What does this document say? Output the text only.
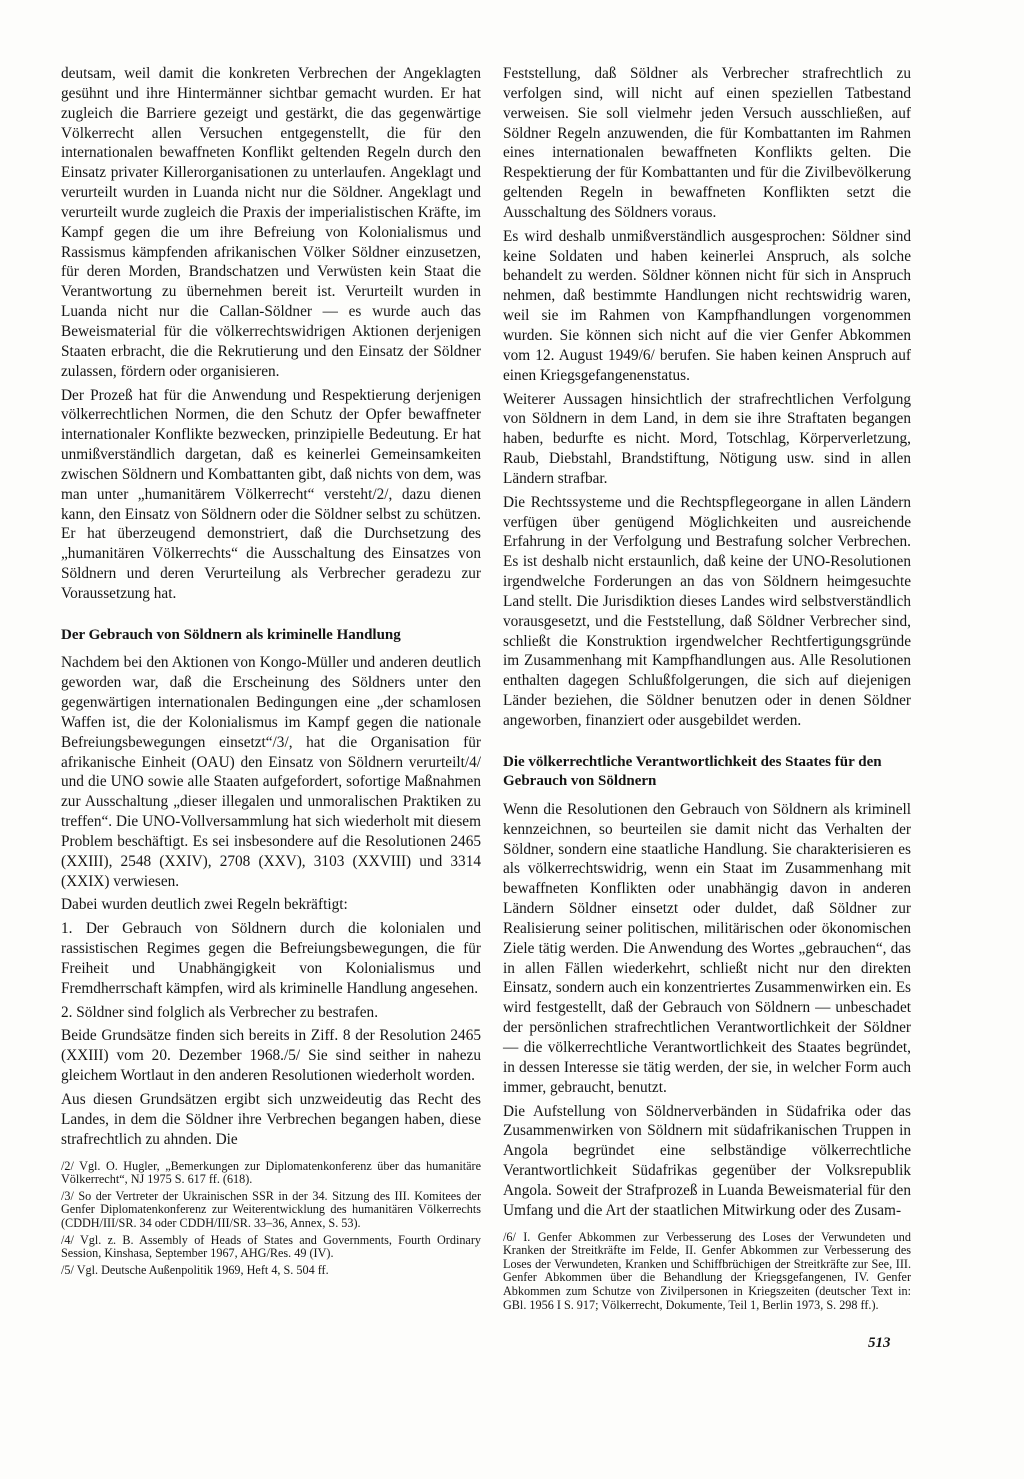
deutsam, weil damit die konkreten Verbrechen der Angeklagten gesühnt und ihre Hintermänner sichtbar gemacht wurden. Er hat zugleich die Barriere gezeigt und gestärkt, die das gegenwärtige Völkerrecht allen Versuchen entgegenstellt, die für den internationalen bewaffneten Konflikt geltenden Regeln durch den Einsatz privater Killerorganisationen zu unterlaufen. Angeklagt und verurteilt wurden in Luanda nicht nur die Söldner. Angeklagt und verurteilt wurde zugleich die Praxis der imperialistischen Kräfte, im Kampf gegen die um ihre Befreiung von Kolonialismus und Rassismus kämpfenden afrikanischen Völker Söldner einzusetzen, für deren Morden, Brandschatzen und Verwüsten kein Staat die Verantwortung zu übernehmen bereit ist. Verurteilt wurden in Luanda nicht nur die Callan-Söldner — es wurde auch das Beweismaterial für die völkerrechtswidrigen Aktionen derjenigen Staaten erbracht, die die Rekrutierung und den Einsatz der Söldner zulassen, fördern oder organisieren.

Der Prozeß hat für die Anwendung und Respektierung derjenigen völkerrechtlichen Normen, die den Schutz der Opfer bewaffneter internationaler Konflikte bezwecken, prinzipielle Bedeutung. Er hat unmißverständlich dargetan, daß es keinerlei Gemeinsamkeiten zwischen Söldnern und Kombattanten gibt, daß nichts von dem, was man unter „humanitärem Völkerrecht“ versteht/2/, dazu dienen kann, den Einsatz von Söldnern oder die Söldner selbst zu schützen. Er hat überzeugend demonstriert, daß die Durchsetzung des „humanitären Völkerrechts“ die Ausschaltung des Einsatzes von Söldnern und deren Verurteilung als Verbrecher geradezu zur Voraussetzung hat.

Der Gebrauch von Söldnern als kriminelle Handlung

Nachdem bei den Aktionen von Kongo-Müller und anderen deutlich geworden war, daß die Erscheinung des Söldners unter den gegenwärtigen internationalen Bedingungen eine „der schamlosen Waffen ist, die der Kolonialismus im Kampf gegen die nationale Befreiungsbewegungen einsetzt“/3/, hat die Organisation für afrikanische Einheit (OAU) den Einsatz von Söldnern verurteilt/4/ und die UNO sowie alle Staaten aufgefordert, sofortige Maßnahmen zur Ausschaltung „dieser illegalen und unmoralischen Praktiken zu treffen“. Die UNO-Vollversammlung hat sich wiederholt mit diesem Problem beschäftigt. Es sei insbesondere auf die Resolutionen 2465 (XXIII), 2548 (XXIV), 2708 (XXV), 3103 (XXVIII) und 3314 (XXIX) verwiesen.

Dabei wurden deutlich zwei Regeln bekräftigt:

1. Der Gebrauch von Söldnern durch die kolonialen und rassistischen Regimes gegen die Befreiungsbewegungen, die für Freiheit und Unabhängigkeit von Kolonialismus und Fremdherrschaft kämpfen, wird als kriminelle Handlung angesehen.

2. Söldner sind folglich als Verbrecher zu bestrafen.

Beide Grundsätze finden sich bereits in Ziff. 8 der Resolution 2465 (XXIII) vom 20. Dezember 1968./5/ Sie sind seither in nahezu gleichem Wortlaut in den anderen Resolutionen wiederholt worden.

Aus diesen Grundsätzen ergibt sich unzweideutig das Recht des Landes, in dem die Söldner ihre Verbrechen begangen haben, diese strafrechtlich zu ahnden. Die

/2/ Vgl. O. Hugler, „Bemerkungen zur Diplomatenkonferenz über das humanitäre Völkerrecht“, NJ 1975 S. 617 ff. (618).

/3/ So der Vertreter der Ukrainischen SSR in der 34. Sitzung des III. Komitees der Genfer Diplomatenkonferenz zur Weiterentwicklung des humanitären Völkerrechts (CDDH/III/SR. 34 oder CDDH/III/SR. 33–36, Annex, S. 53).

/4/ Vgl. z. B. Assembly of Heads of States and Governments, Fourth Ordinary Session, Kinshasa, September 1967, AHG/Res. 49 (IV).

/5/ Vgl. Deutsche Außenpolitik 1969, Heft 4, S. 504 ff.

Feststellung, daß Söldner als Verbrecher strafrechtlich zu verfolgen sind, will nicht auf einen speziellen Tatbestand verweisen. Sie soll vielmehr jeden Versuch ausschließen, auf Söldner Regeln anzuwenden, die für Kombattanten im Rahmen eines internationalen bewaffneten Konflikts gelten. Die Respektierung der für Kombattanten und für die Zivilbevölkerung geltenden Regeln in bewaffneten Konflikten setzt die Ausschaltung des Söldners voraus.

Es wird deshalb unmißverständlich ausgesprochen: Söldner sind keine Soldaten und haben keinerlei Anspruch, als solche behandelt zu werden. Söldner können nicht für sich in Anspruch nehmen, daß bestimmte Handlungen nicht rechtswidrig waren, weil sie im Rahmen von Kampfhandlungen vorgenommen wurden. Sie können sich nicht auf die vier Genfer Abkommen vom 12. August 1949/6/ berufen. Sie haben keinen Anspruch auf einen Kriegsgefangenenstatus.

Weiterer Aussagen hinsichtlich der strafrechtlichen Verfolgung von Söldnern in dem Land, in dem sie ihre Straftaten begangen haben, bedurfte es nicht. Mord, Totschlag, Körperverletzung, Raub, Diebstahl, Brandstiftung, Nötigung usw. sind in allen Ländern strafbar.

Die Rechtssysteme und die Rechtspflegeorgane in allen Ländern verfügen über genügend Möglichkeiten und ausreichende Erfahrung in der Verfolgung und Bestrafung solcher Verbrechen. Es ist deshalb nicht erstaunlich, daß keine der UNO-Resolutionen irgendwelche Forderungen an das von Söldnern heimgesuchte Land stellt. Die Jurisdiktion dieses Landes wird selbstverständlich vorausgesetzt, und die Feststellung, daß Söldner Verbrecher sind, schließt die Konstruktion irgendwelcher Rechtfertigungsgründe im Zusammenhang mit Kampfhandlungen aus. Alle Resolutionen enthalten dagegen Schlußfolgerungen, die sich auf diejenigen Länder beziehen, die Söldner benutzen oder in denen Söldner angeworben, finanziert oder ausgebildet werden.

Die völkerrechtliche Verantwortlichkeit des Staates für den Gebrauch von Söldnern

Wenn die Resolutionen den Gebrauch von Söldnern als kriminell kennzeichnen, so beurteilen sie damit nicht das Verhalten der Söldner, sondern eine staatliche Handlung. Sie charakterisieren es als völkerrechtswidrig, wenn ein Staat im Zusammenhang mit bewaffneten Konflikten oder unabhängig davon in anderen Ländern Söldner einsetzt oder duldet, daß Söldner zur Realisierung seiner politischen, militärischen oder ökonomischen Ziele tätig werden. Die Anwendung des Wortes „gebrauchen“, das in allen Fällen wiederkehrt, schließt nicht nur den direkten Einsatz, sondern auch ein konzentriertes Zusammenwirken ein. Es wird festgestellt, daß der Gebrauch von Söldnern — unbeschadet der persönlichen strafrechtlichen Verantwortlichkeit der Söldner — die völkerrechtliche Verantwortlichkeit des Staates begründet, in dessen Interesse sie tätig werden, der sie, in welcher Form auch immer, gebraucht, benutzt.

Die Aufstellung von Söldnerverbänden in Südafrika oder das Zusammenwirken von Söldnern mit südafrikanischen Truppen in Angola begründet eine selbständige völkerrechtliche Verantwortlichkeit Südafrikas gegenüber der Volksrepublik Angola. Soweit der Strafprozeß in Luanda Beweismaterial für den Umfang und die Art der staatlichen Mitwirkung oder des Zusam-

/6/ I. Genfer Abkommen zur Verbesserung des Loses der Verwundeten und Kranken der Streitkräfte im Felde, II. Genfer Abkommen zur Verbesserung des Loses der Verwundeten, Kranken und Schiffbrüchigen der Streitkräfte zur See, III. Genfer Abkommen über die Behandlung der Kriegsgefangenen, IV. Genfer Abkommen zum Schutze von Zivilpersonen in Kriegszeiten (deutscher Text in: GBl. 1956 I S. 917; Völkerrecht, Dokumente, Teil 1, Berlin 1973, S. 298 ff.).

513
